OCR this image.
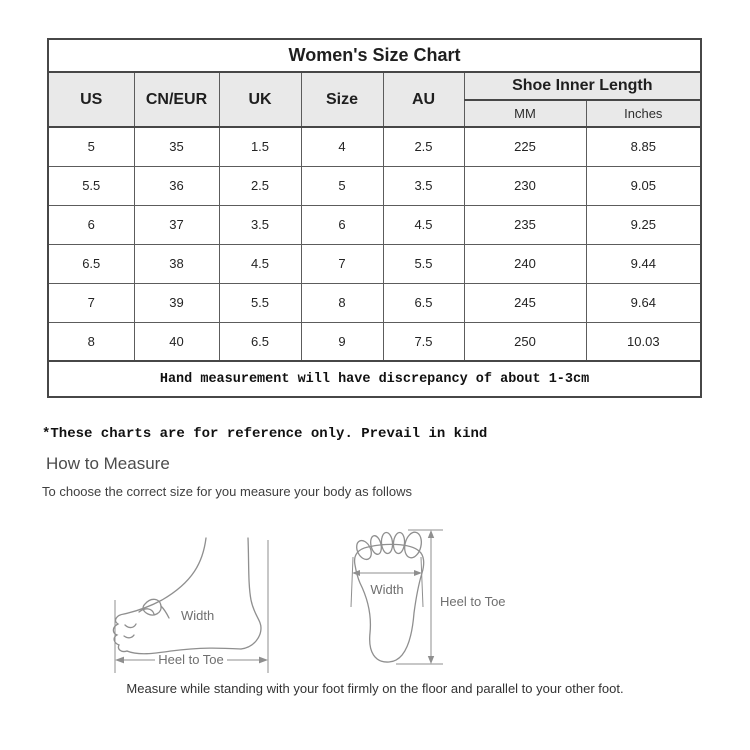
Women's Size Chart						
US	CN/EUR	UK	Size	AU	Shoe Inner Length	
					MM	Inches
5	35	1.5	4	2.5	225	8.85
5.5	36	2.5	5	3.5	230	9.05
6	37	3.5	6	4.5	235	9.25
6.5	38	4.5	7	5.5	240	9.44
7	39	5.5	8	6.5	245	9.64
8	40	6.5	9	7.5	250	10.03
Hand measurement will have discrepancy of about 1-3cm						
*These charts are for reference only. Prevail in kind
How to Measure
To choose the correct size for you measure your body as follows
Width
Heel to Toe
Width
Heel to Toe
Measure while standing with your foot firmly on the floor and parallel to your other foot.
